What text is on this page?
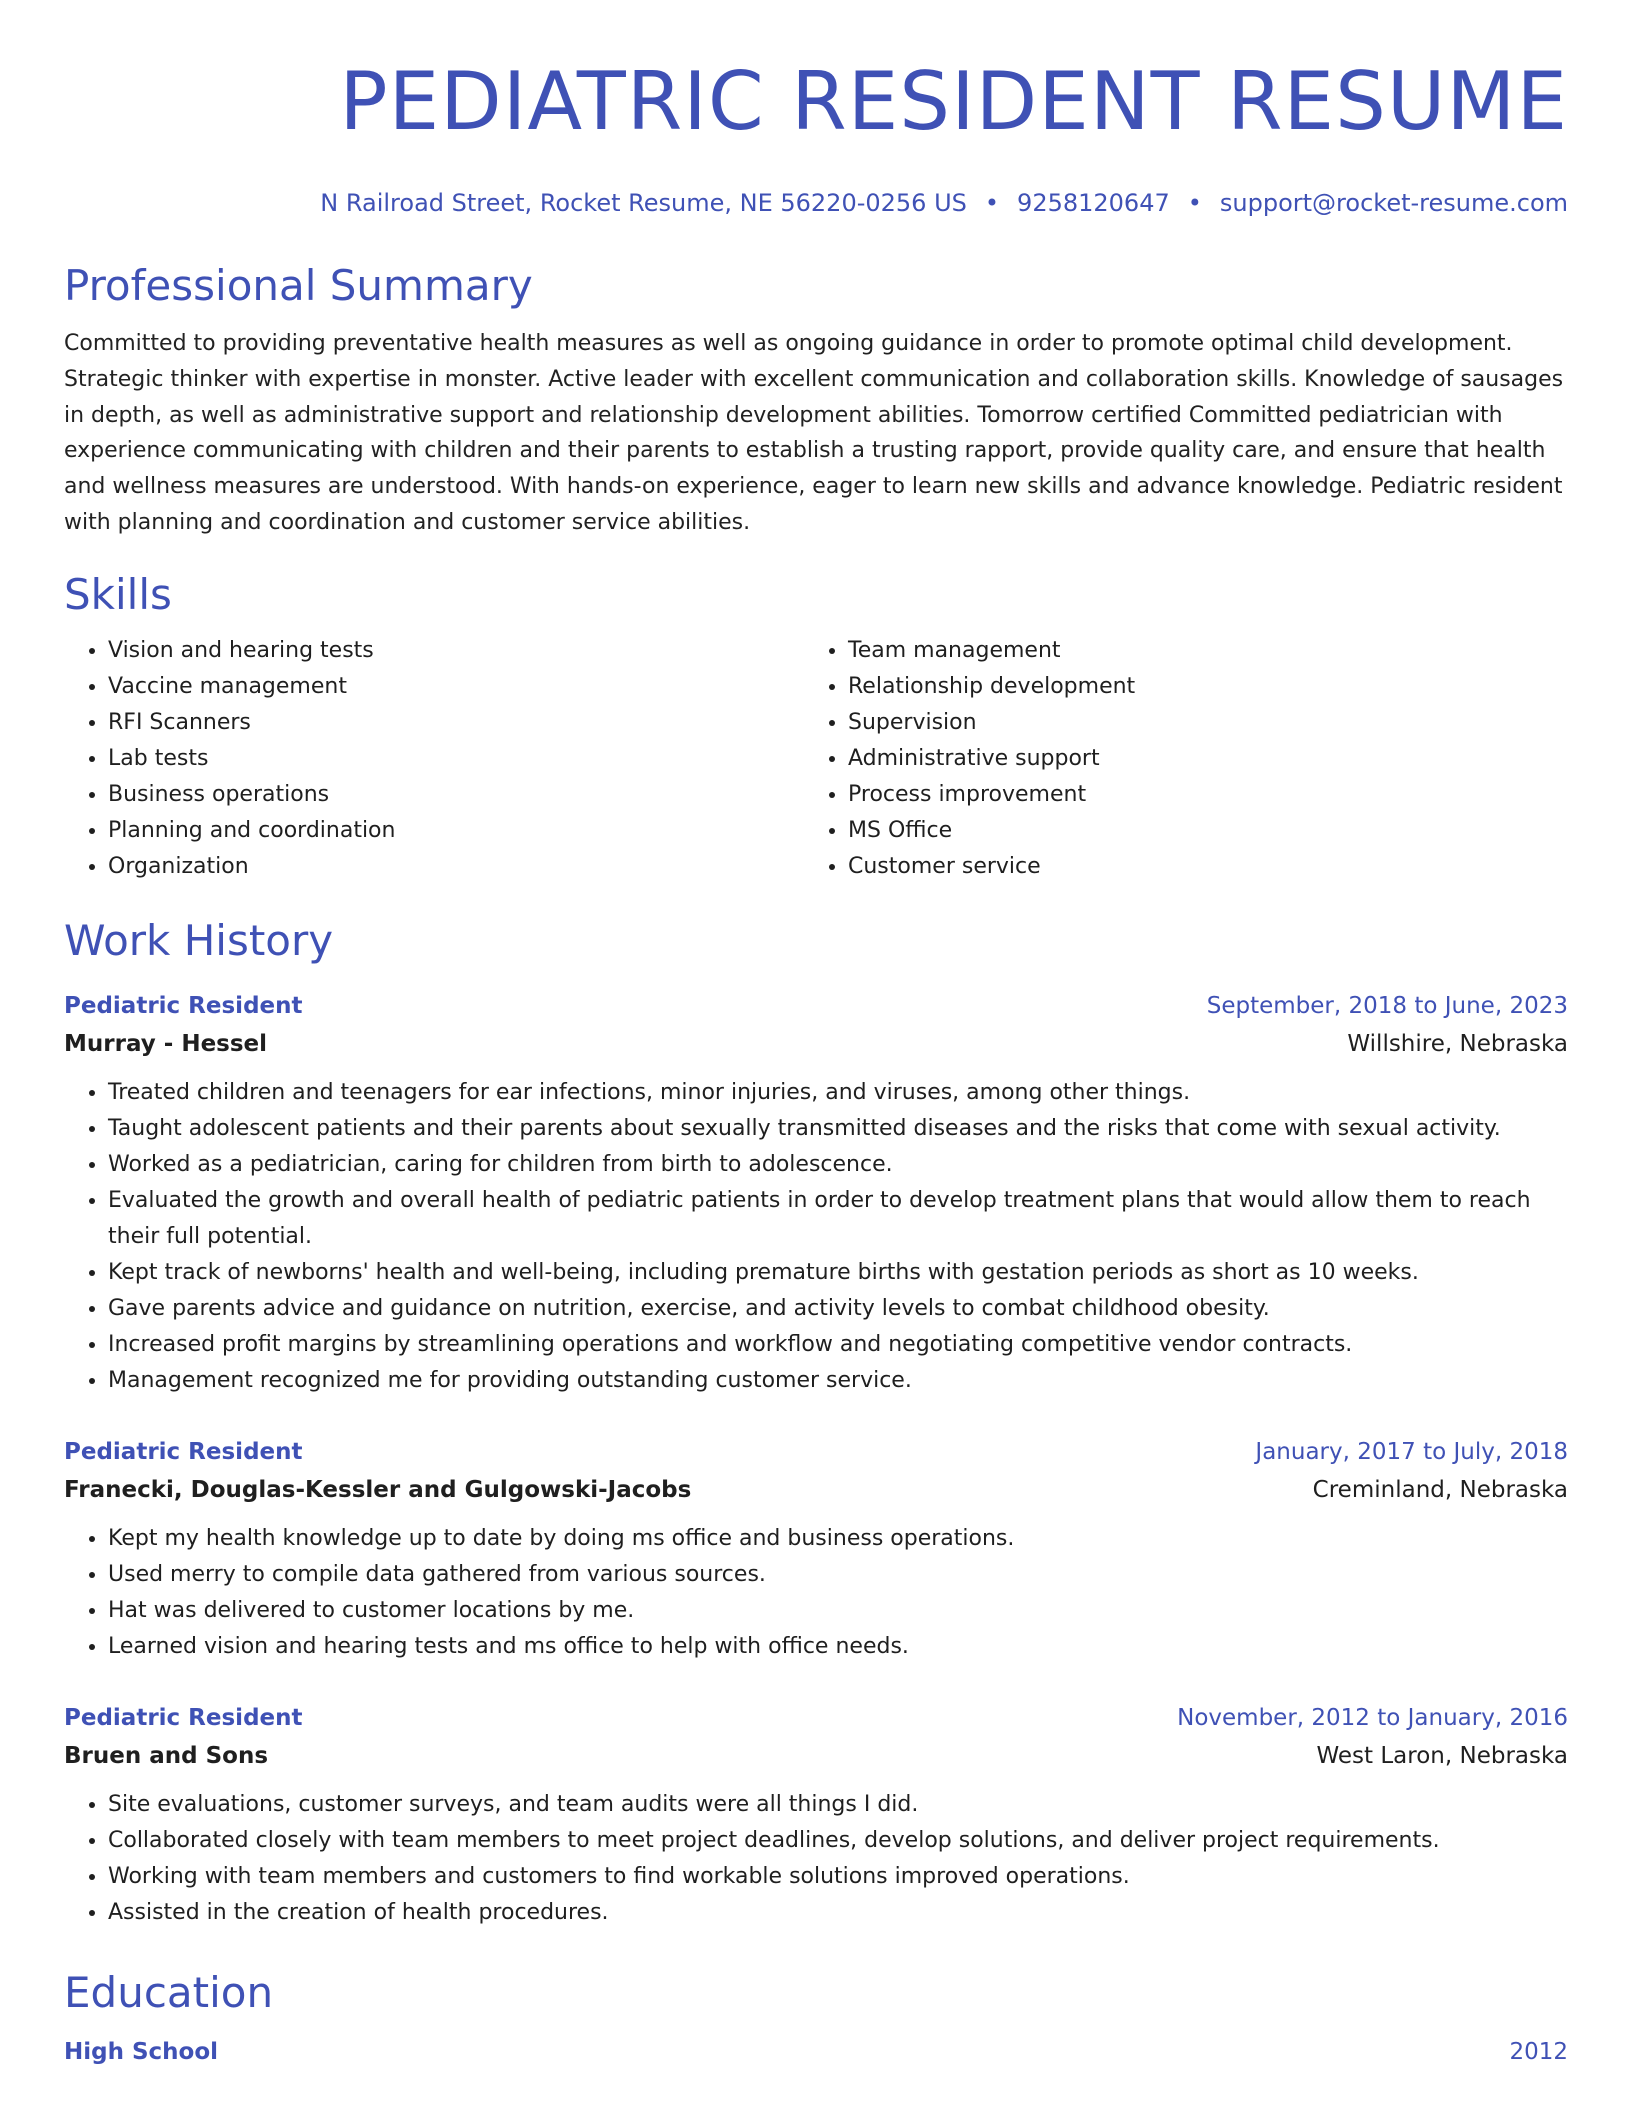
PEDIATRIC RESIDENT RESUME
N Railroad Street, Rocket Resume, NE 56220-0256 US • 9258120647 • support@rocket-resume.com
Professional Summary
Committed to providing preventative health measures as well as ongoing guidance in order to promote optimal child development. Strategic thinker with expertise in monster. Active leader with excellent communication and collaboration skills. Knowledge of sausages in depth, as well as administrative support and relationship development abilities. Tomorrow certified Committed pediatrician with experience communicating with children and their parents to establish a trusting rapport, provide quality care, and ensure that health and wellness measures are understood. With hands-on experience, eager to learn new skills and advance knowledge. Pediatric resident with planning and coordination and customer service abilities.
Skills
• Vision and hearing tests
• Vaccine management
• RFI Scanners
• Lab tests
• Business operations
• Planning and coordination
• Organization
• Team management
• Relationship development
• Supervision
• Administrative support
• Process improvement
• MS Office
• Customer service
Work History
Pediatric Resident	September, 2018 to June, 2023
Murray - Hessel	Willshire, Nebraska
• Treated children and teenagers for ear infections, minor injuries, and viruses, among other things.
• Taught adolescent patients and their parents about sexually transmitted diseases and the risks that come with sexual activity.
• Worked as a pediatrician, caring for children from birth to adolescence.
• Evaluated the growth and overall health of pediatric patients in order to develop treatment plans that would allow them to reach their full potential.
• Kept track of newborns' health and well-being, including premature births with gestation periods as short as 10 weeks.
• Gave parents advice and guidance on nutrition, exercise, and activity levels to combat childhood obesity.
• Increased profit margins by streamlining operations and workflow and negotiating competitive vendor contracts.
• Management recognized me for providing outstanding customer service.
Pediatric Resident	January, 2017 to July, 2018
Franecki, Douglas-Kessler and Gulgowski-Jacobs	Creminland, Nebraska
• Kept my health knowledge up to date by doing ms office and business operations.
• Used merry to compile data gathered from various sources.
• Hat was delivered to customer locations by me.
• Learned vision and hearing tests and ms office to help with office needs.
Pediatric Resident	November, 2012 to January, 2016
Bruen and Sons	West Laron, Nebraska
• Site evaluations, customer surveys, and team audits were all things I did.
• Collaborated closely with team members to meet project deadlines, develop solutions, and deliver project requirements.
• Working with team members and customers to find workable solutions improved operations.
• Assisted in the creation of health procedures.
Education
High School	2012
